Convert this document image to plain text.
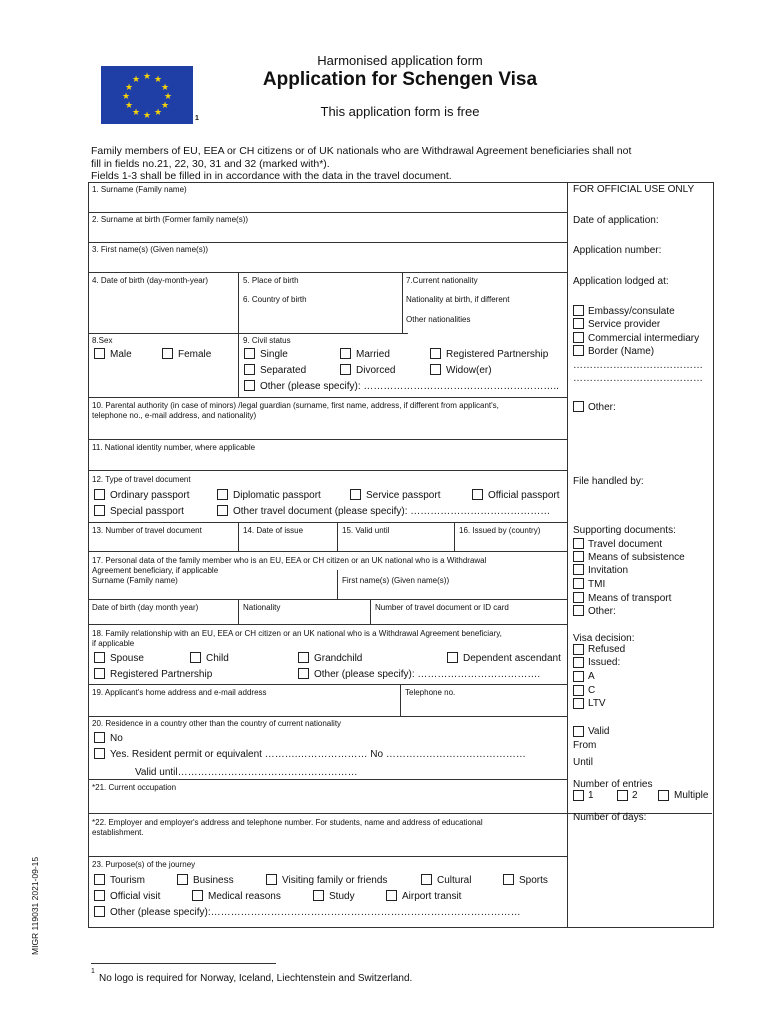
★ ★
★
★
★
★
★
★
★
★
★
★
1
Harmonised application form
Application for Schengen Visa
This application form is free
Family members of EU, EEA or CH citizens or of UK nationals who are Withdrawal Agreement beneficiaries shall not
fill in fields no.21, 22, 30, 31 and 32 (marked with*).
Fields 1-3 shall be filled in in accordance with the data in the travel document.
1. Surname (Family name)
2. Surname at birth (Former family name(s))
3. First name(s) (Given name(s))
4. Date of birth (day-month-year)	5. Place of birth
6. Country of birth
7.Current nationality
Nationality at birth, if different
Other nationalities
8.Sex
Male	Female
9. Civil status
Single	Married	Registered Partnership
Separated	Divorced	Widow(er)
Other (please specify): …………………………………………………..
10. Parental authority (in case of minors) /legal guardian (surname, first name, address, if different from applicant's,
telephone no., e-mail address, and nationality)
11. National identity number, where applicable
12. Type of travel document
Ordinary passport	Diplomatic passport	Service passport	Official passport
Special passport	Other travel document (please specify): ……………………………………
13. Number of travel document	14. Date of issue	15. Valid until	16. Issued by (country)
17. Personal data of the family member who is an EU, EEA or CH citizen or an UK national who is a Withdrawal
Agreement beneficiary, if applicable
Surname (Family name)	First name(s) (Given name(s))
Date of birth (day month year)	Nationality	Number of travel document or ID card
18. Family relationship with an EU, EEA or CH citizen or an UK national who is a Withdrawal Agreement beneficiary,
if applicable
Spouse	Child	Grandchild	Dependent ascendant
Registered Partnership	Other (please specify): ……………………………….
19. Applicant's home address and e-mail address	Telephone no.
20. Residence in a country other than the country of current nationality
No
Yes. Resident permit or equivalent ……….………………… No ……………………………………
Valid until………………………………………………
*21. Current occupation
*22. Employer and employer's address and telephone number. For students, name and address of educational
establishment.
23. Purpose(s) of the journey
Tourism	Business	Visiting family or friends	Cultural	Sports
Official visit	Medical reasons	Study	Airport transit
Other (please specify):…………………………………………………………………………………
FOR OFFICIAL USE ONLY
Date of application:
Application number:
Application lodged at:
Embassy/consulate
Service provider
Commercial intermediary
Border (Name)
…………………………………
…………………………………
Other:
File handled by:
Supporting documents:
Travel document
Means of subsistence
Invitation
TMI
Means of transport
Other:
Visa decision:
Refused
Issued:
A
C
LTV
Valid
From
Until
Number of entries
1	2	Multiple
Number of days:
MIGR 119031 2021-09-15
1
No logo is required for Norway, Iceland, Liechtenstein and Switzerland.
